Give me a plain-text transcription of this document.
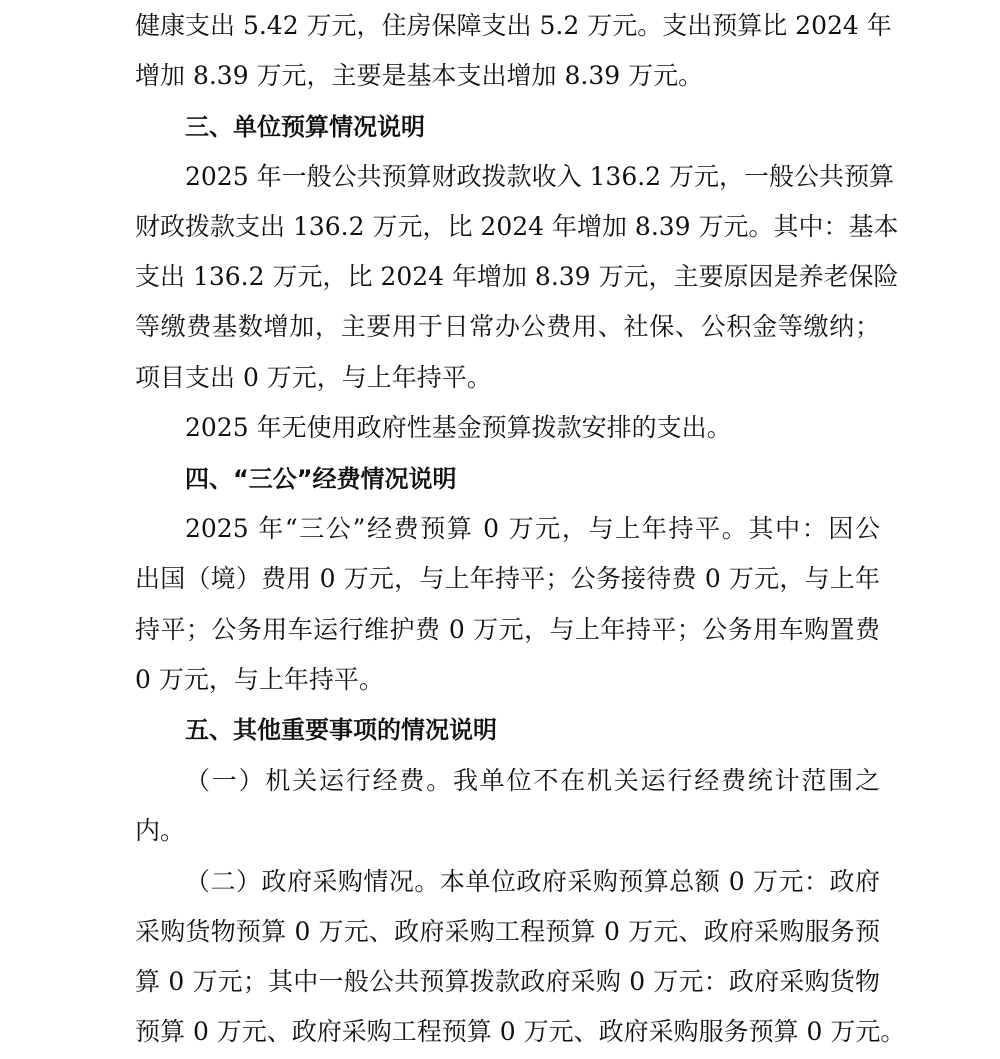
健康支出 5.42 万元，住房保障支出 5.2 万元。支出预算比 2024 年
增加 8.39 万元，主要是基本支出增加 8.39 万元。
三、单位预算情况说明
2025 年一般公共预算财政拨款收入 136.2 万元，一般公共预算
财政拨款支出 136.2 万元，比 2024 年增加 8.39 万元。其中：基本
支出 136.2 万元，比 2024 年增加 8.39 万元，主要原因是养老保险
等缴费基数增加，主要用于日常办公费用、社保、公积金等缴纳；
项目支出 0 万元，与上年持平。
2025 年无使用政府性基金预算拨款安排的支出。
四、“三公”经费情况说明
2025 年“三公”经费预算 0 万元，与上年持平。其中：因公
出国（境）费用 0 万元，与上年持平；公务接待费 0 万元，与上年
持平；公务用车运行维护费 0 万元，与上年持平；公务用车购置费
0 万元，与上年持平。
五、其他重要事项的情况说明
（一）机关运行经费。我单位不在机关运行经费统计范围之
内。
（二）政府采购情况。本单位政府采购预算总额 0 万元：政府
采购货物预算 0 万元、政府采购工程预算 0 万元、政府采购服务预
算 0 万元；其中一般公共预算拨款政府采购 0 万元：政府采购货物
预算 0 万元、政府采购工程预算 0 万元、政府采购服务预算 0 万元。
